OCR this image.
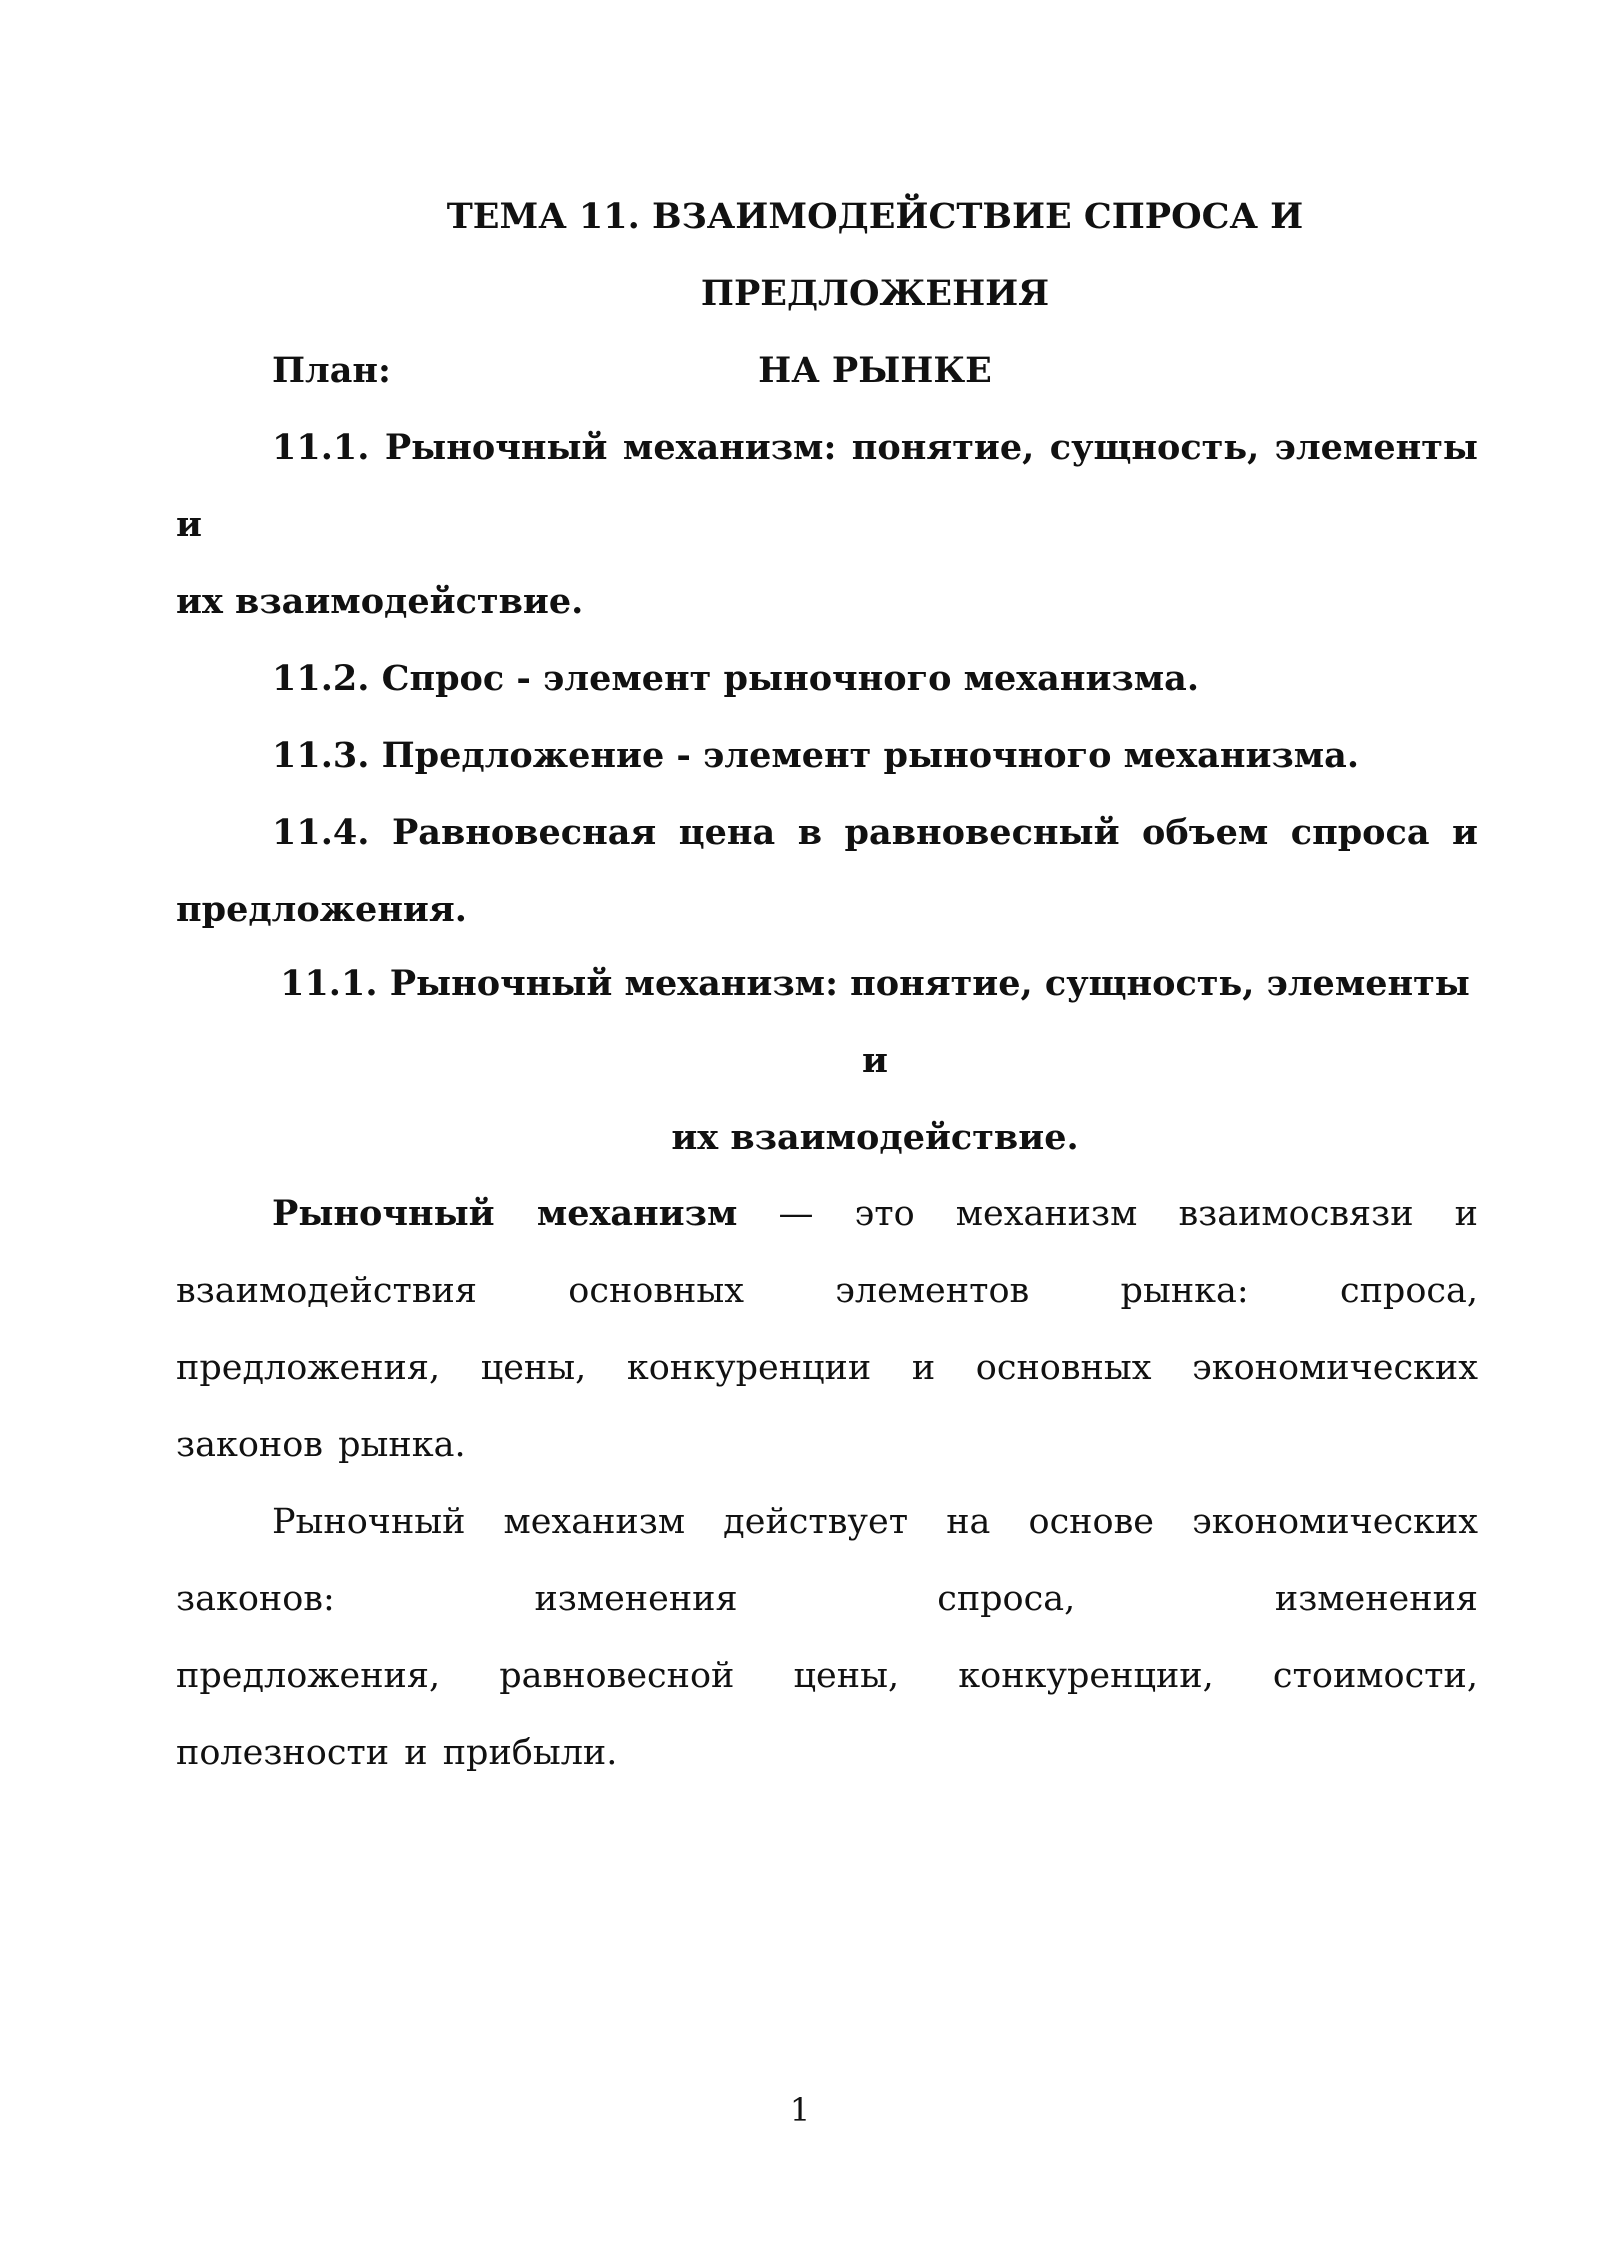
ТЕМА 11. ВЗАИМОДЕЙСТВИЕ СПРОСА И ПРЕДЛОЖЕНИЯ
НА РЫНКЕ
План:
11.1. Рыночный механизм: понятие, сущность, элементы и
их взаимодействие.
11.2. Спрос - элемент рыночного механизма.
11.3. Предложение - элемент рыночного механизма.
11.4. Равновесная цена в равновесный объем спроса и
предложения.
11.1. Рыночный механизм: понятие, сущность, элементы и
их взаимодействие.
Рыночный механизм — это механизм взаимосвязи и
взаимодействия основных элементов рынка: спроса,
предложения, цены, конкуренции и основных экономических
законов рынка.
Рыночный механизм действует на основе экономических
законов: изменения спроса, изменения
предложения, равновесной цены, конкуренции, стоимости,
полезности и прибыли.
1
